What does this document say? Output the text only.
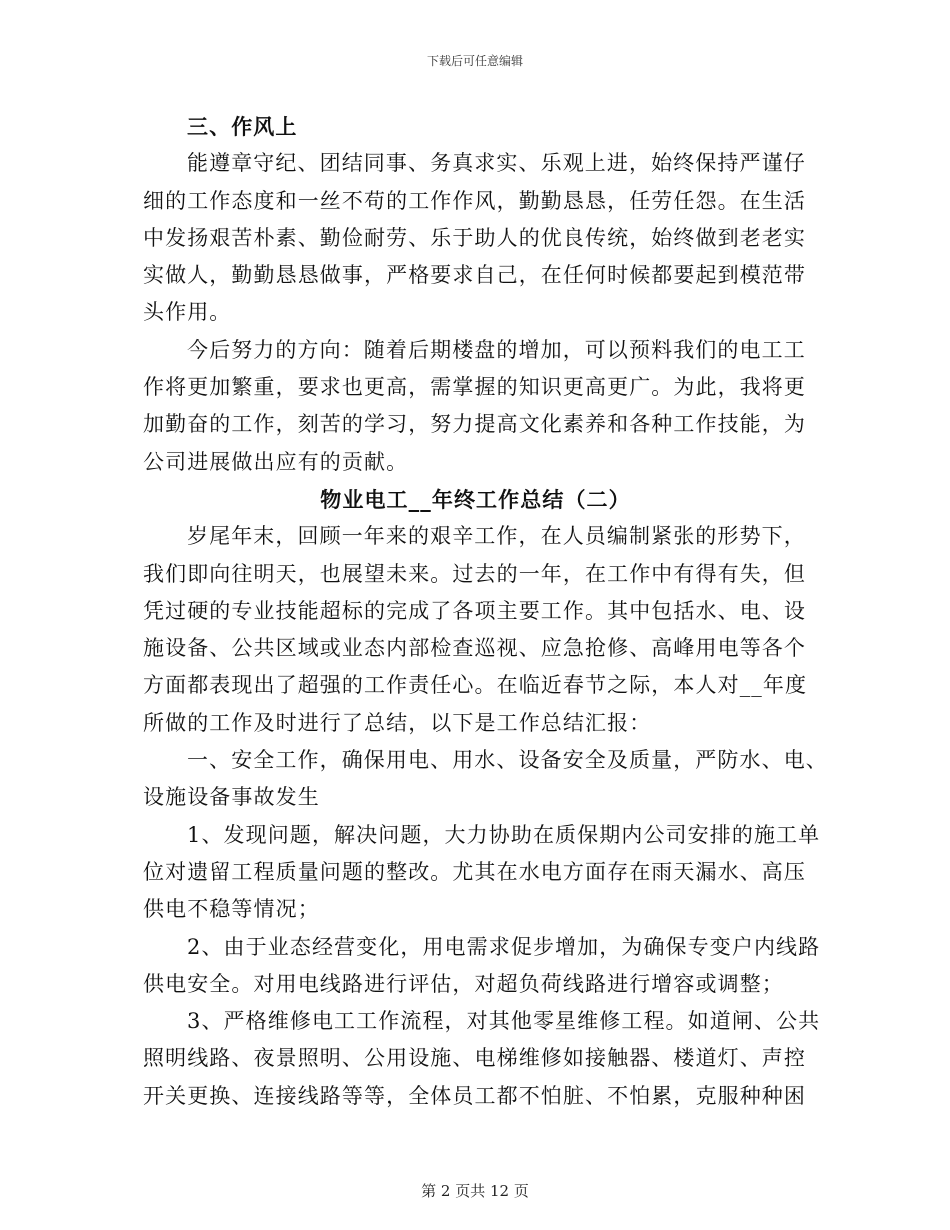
下载后可任意编辑
三、作风上
能遵章守纪、团结同事、务真求实、乐观上进，始终保持严谨仔
细的工作态度和一丝不苟的工作作风，勤勤恳恳，任劳任怨。在生活
中发扬艰苦朴素、勤俭耐劳、乐于助人的优良传统，始终做到老老实
实做人，勤勤恳恳做事，严格要求自己，在任何时候都要起到模范带
头作用。
今后努力的方向：随着后期楼盘的增加，可以预料我们的电工工
作将更加繁重，要求也更高，需掌握的知识更高更广。为此，我将更
加勤奋的工作，刻苦的学习，努力提高文化素养和各种工作技能，为
公司进展做出应有的贡献。
物业电工__年终工作总结（二）
岁尾年末，回顾一年来的艰辛工作，在人员编制紧张的形势下，
我们即向往明天，也展望未来。过去的一年，在工作中有得有失，但
凭过硬的专业技能超标的完成了各项主要工作。其中包括水、电、设
施设备、公共区域或业态内部检查巡视、应急抢修、高峰用电等各个
方面都表现出了超强的工作责任心。在临近春节之际，本人对__年度
所做的工作及时进行了总结，以下是工作总结汇报：
一、安全工作，确保用电、用水、设备安全及质量，严防水、电、
设施设备事故发生
1、发现问题，解决问题，大力协助在质保期内公司安排的施工单
位对遗留工程质量问题的整改。尤其在水电方面存在雨天漏水、高压
供电不稳等情况；
2、由于业态经营变化，用电需求促步增加，为确保专变户内线路
供电安全。对用电线路进行评估，对超负荷线路进行增容或调整；
3、严格维修电工工作流程，对其他零星维修工程。如道闸、公共
照明线路、夜景照明、公用设施、电梯维修如接触器、楼道灯、声控
开关更换、连接线路等等，全体员工都不怕脏、不怕累，克服种种困
第 2 页共 12 页
